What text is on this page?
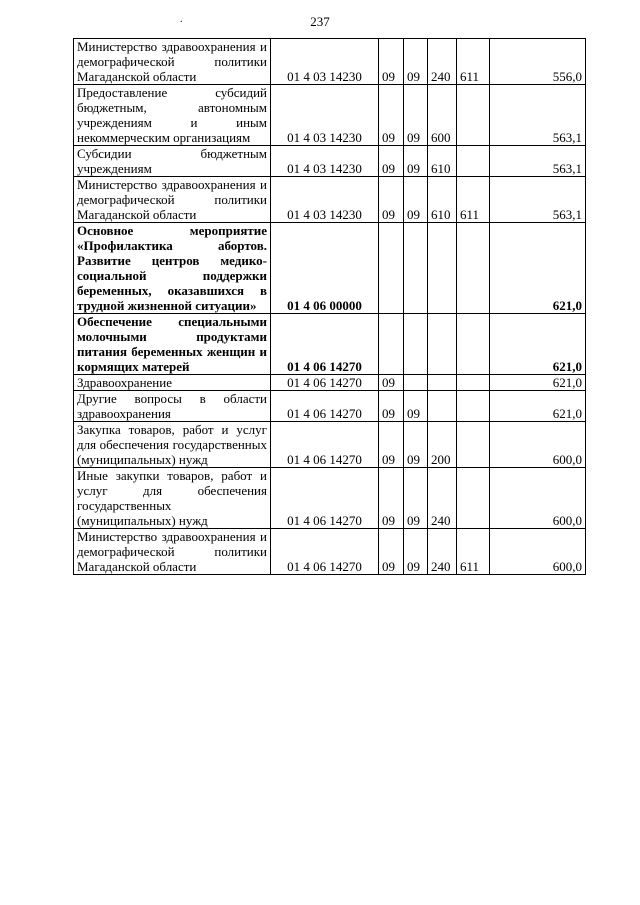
.	237
Министерство здравоохранения и демографической политики Магаданской области	01 4 03 14230	09	09	240	611	556,0
Предоставление субсидий бюджетным, автономным учреждениям и иным некоммерческим организациям	01 4 03 14230	09	09	600		563,1
Субсидии бюджетным учреждениям	01 4 03 14230	09	09	610		563,1
Министерство здравоохранения и демографической политики Магаданской области	01 4 03 14230	09	09	610	611	563,1
Основное мероприятие «Профилактика абортов. Развитие центров медико-социальной поддержки беременных, оказавшихся в трудной жизненной ситуации»	01 4 06 00000					621,0
Обеспечение специальными молочными продуктами питания беременных женщин и кормящих матерей	01 4 06 14270					621,0
Здравоохранение	01 4 06 14270	09				621,0
Другие вопросы в области здравоохранения	01 4 06 14270	09	09			621,0
Закупка товаров, работ и услуг для обеспечения государственных (муниципальных) нужд	01 4 06 14270	09	09	200		600,0
Иные закупки товаров, работ и услуг для обеспечения государственных (муниципальных) нужд	01 4 06 14270	09	09	240		600,0
Министерство здравоохранения и демографической политики Магаданской области	01 4 06 14270	09	09	240	611	600,0
